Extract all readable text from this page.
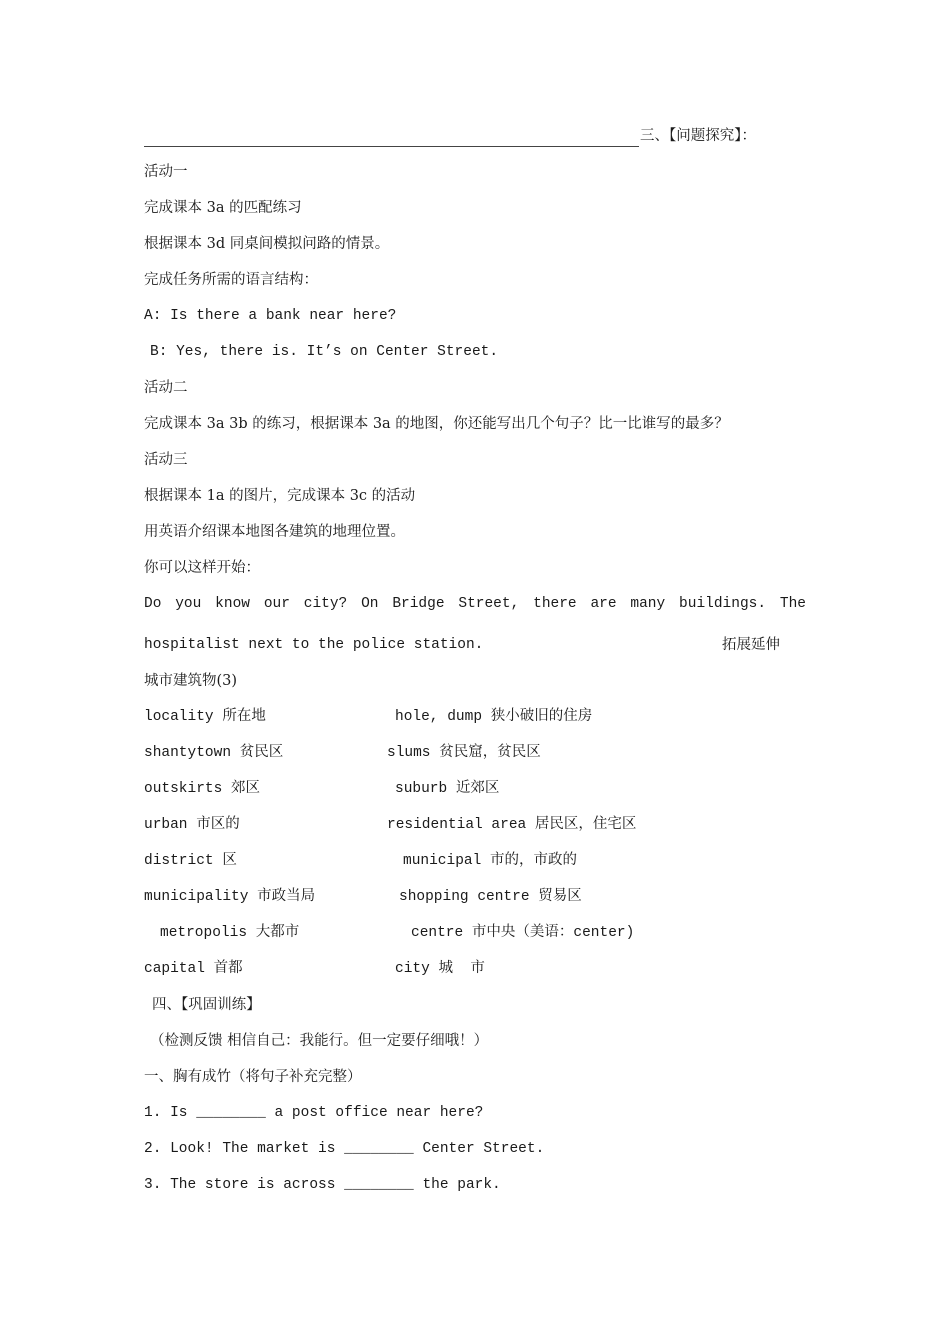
三、【问题探究】：
活动一
完成课本 3a 的匹配练习
根据课本 3d 同桌间模拟问路的情景。
完成任务所需的语言结构：
A: Is there a bank near here?
B: Yes, there is. It’s on Center Street.
活动二
完成课本 3a 3b 的练习，根据课本 3a 的地图，你还能写出几个句子？比一比谁写的最多？
活动三
根据课本 1a 的图片，完成课本 3c 的活动
用英语介绍课本地图各建筑的地理位置。
你可以这样开始：
Do you know our city? On Bridge Street, there are many buildings. The
hospitalist next to the police station.	拓展延伸
城市建筑物(3)
locality 所在地	hole, dump 狭小破旧的住房
shantytown 贫民区	slums 贫民窟，贫民区
outskirts 郊区	suburb 近郊区
urban 市区的	residential area 居民区，住宅区
district 区	municipal 市的，市政的
municipality 市政当局	shopping centre 贸易区
metropolis 大都市	centre 市中央（美语：center)
capital 首都	city 城  市
四、【巩固训练】
（检测反馈 相信自己：我能行。但一定要仔细哦！）
一、胸有成竹（将句子补充完整）
1. Is ________ a post office near here?
2. Look! The market is ________ Center Street.
3. The store is across ________ the park.
